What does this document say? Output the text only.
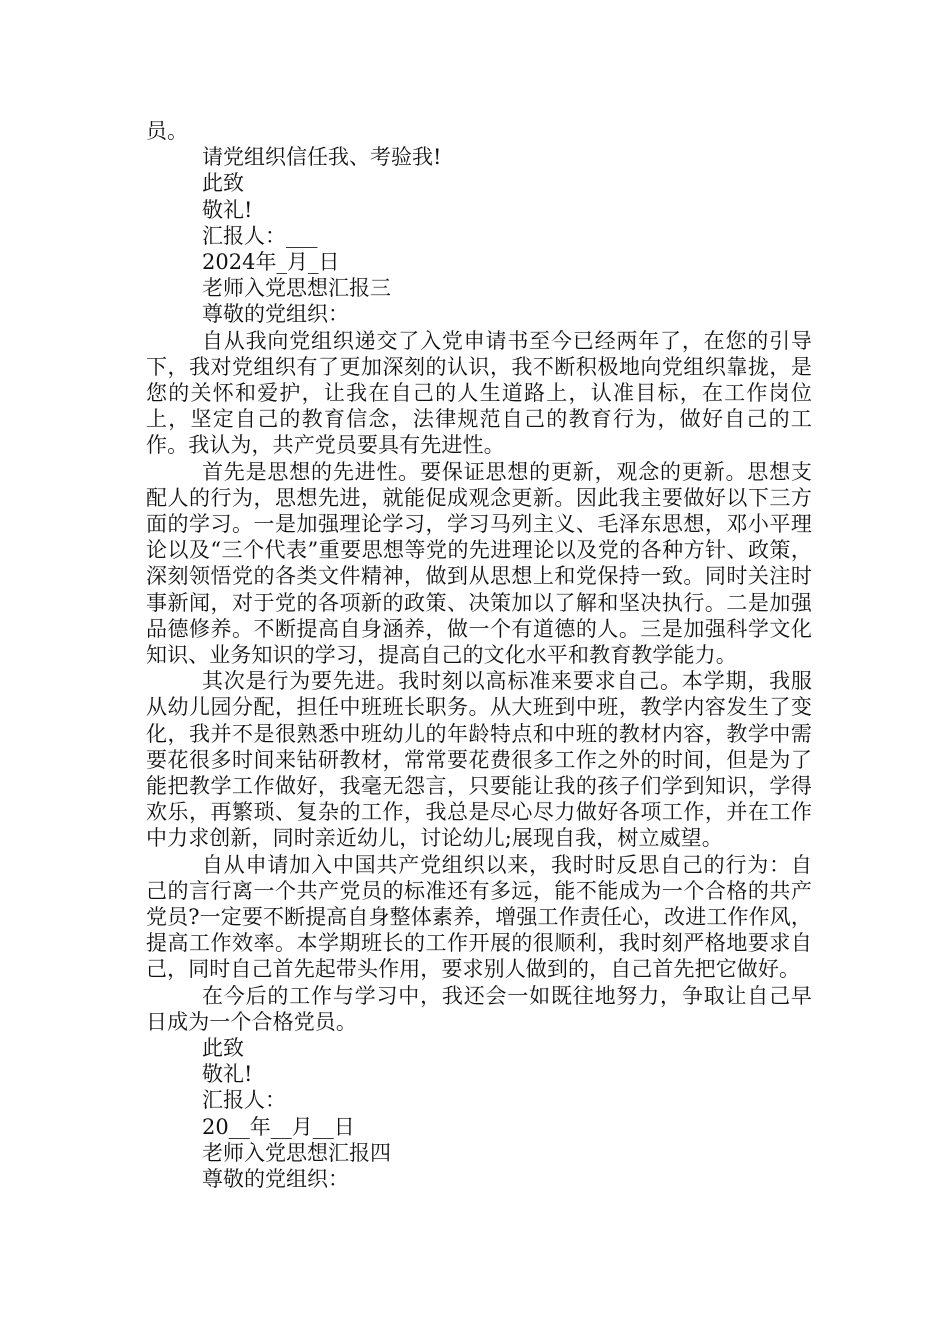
员。
请党组织信任我、考验我!
此致
敬礼!
汇报人：___
2024年_月_日
老师入党思想汇报三
尊敬的党组织：
自从我向党组织递交了入党申请书至今已经两年了，在您的引导下，我对党组织有了更加深刻的认识，我不断积极地向党组织靠拢，是您的关怀和爱护，让我在自己的人生道路上，认准目标，在工作岗位上，坚定自己的教育信念，法律规范自己的教育行为，做好自己的工作。我认为，共产党员要具有先进性。
首先是思想的先进性。要保证思想的更新，观念的更新。思想支配人的行为，思想先进，就能促成观念更新。因此我主要做好以下三方面的学习。一是加强理论学习，学习马列主义、毛泽东思想，邓小平理论以及“三个代表”重要思想等党的先进理论以及党的各种方针、政策，深刻领悟党的各类文件精神，做到从思想上和党保持一致。同时关注时事新闻，对于党的各项新的政策、决策加以了解和坚决执行。二是加强品德修养。不断提高自身涵养，做一个有道德的人。三是加强科学文化知识、业务知识的学习，提高自己的文化水平和教育教学能力。
其次是行为要先进。我时刻以高标准来要求自己。本学期，我服从幼儿园分配，担任中班班长职务。从大班到中班，教学内容发生了变化，我并不是很熟悉中班幼儿的年龄特点和中班的教材内容，教学中需要花很多时间来钻研教材，常常要花费很多工作之外的时间，但是为了能把教学工作做好，我毫无怨言，只要能让我的孩子们学到知识，学得欢乐，再繁琐、复杂的工作，我总是尽心尽力做好各项工作，并在工作中力求创新，同时亲近幼儿，讨论幼儿;展现自我，树立威望。
自从申请加入中国共产党组织以来，我时时反思自己的行为：自己的言行离一个共产党员的标准还有多远，能不能成为一个合格的共产党员?一定要不断提高自身整体素养，增强工作责任心，改进工作作风，提高工作效率。本学期班长的工作开展的很顺利，我时刻严格地要求自己，同时自己首先起带头作用，要求别人做到的，自己首先把它做好。
在今后的工作与学习中，我还会一如既往地努力，争取让自己早日成为一个合格党员。
此致
敬礼!
汇报人：
20__年__月__日
老师入党思想汇报四
尊敬的党组织：
